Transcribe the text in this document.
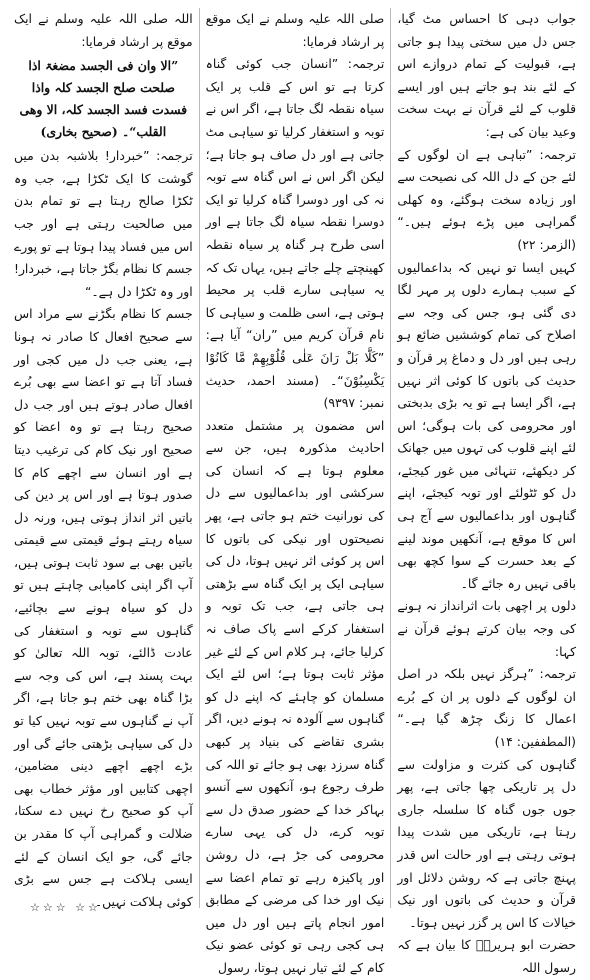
جواب دہی کا احساس مٹ گیا، جس دل میں سختی پیدا ہو جاتی ہے، قبولیت کے تمام دروازے اس کے لئے بند ہو جاتے ہیں اور ایسے قلوب کے لئے قرآن نے بہت سخت وعید بیان کی ہے:

ترجمہ: ”تباہی ہے ان لوگوں کے لئے جن کے دل اللہ کی نصیحت سے اور زیادہ سخت ہوگئے، وہ کھلی گمراہی میں پڑے ہوئے ہیں۔“ (الزمر: ۲۲)

کہیں ایسا تو نہیں کہ بداعمالیوں کے سبب ہمارے دلوں پر مہر لگا دی گئی ہو، جس کی وجہ سے اصلاح کی تمام کوششیں ضائع ہو رہی ہیں اور دل و دماغ پر قرآن و حدیث کی باتوں کا کوئی اثر نہیں ہے، اگر ایسا ہے تو یہ بڑی بدبختی اور محرومی کی بات ہوگی؛ اس لئے اپنے قلوب کی تہوں میں جھانک کر دیکھئے، تنہائی میں غور کیجئے، دل کو ٹٹولئے اور توبہ کیجئے، اپنے گناہوں اور بداعمالیوں سے آج ہی اس کا موقع ہے، آنکھیں موند لینے کے بعد حسرت کے سوا کچھ بھی باقی نہیں رہ جائے گا۔

دلوں پر اچھی بات اثرانداز نہ ہونے کی وجہ بیان کرتے ہوئے قرآن نے کہا:

ترجمہ: ”ہرگز نہیں بلکہ در اصل ان لوگوں کے دلوں پر ان کے بُرے اعمال کا زنگ چڑھ گیا ہے۔“ (المطففین: ۱۴)

گناہوں کی کثرت و مزاولت سے دل پر تاریکی چھا جاتی ہے، پھر جوں جوں گناہ کا سلسلہ جاری رہتا ہے، تاریکی میں شدت پیدا ہوتی رہتی ہے اور حالت اس قدر پہنچ جاتی ہے کہ روشن دلائل اور قرآن و حدیث کی باتوں اور نیک خیالات کا اس پر گزر نہیں ہوتا۔

حضرت ابو ہریرہؓ کا بیان ہے کہ رسول اللہ

صلی اللہ علیہ وسلم نے ایک موقع پر ارشاد فرمایا:

ترجمہ: ”انسان جب کوئی گناہ کرتا ہے تو اس کے قلب پر ایک سیاہ نقطہ لگ جاتا ہے، اگر اس نے توبہ و استغفار کرلیا تو سیاہی مٹ جاتی ہے اور دل صاف ہو جاتا ہے؛ لیکن اگر اس نے اس گناہ سے توبہ نہ کی اور دوسرا گناہ کرلیا تو ایک دوسرا نقطہ سیاہ لگ جاتا ہے اور اسی طرح ہر گناہ پر سیاہ نقطہ کھینچتے چلے جاتے ہیں، یہاں تک کہ یہ سیاہی سارے قلب پر محیط ہوتی ہے، اسی ظلمت و سیاہی کا نام قرآن کریم میں ”ران“ آیا ہے: ”كَلَّا بَلْ رَانَ عَلٰى قُلُوْبِهِمْ مَّا كَانُوْا يَكْسِبُوْنَ“۔ (مسند احمد، حدیث نمبر: ۹۳۹۷)

اس مضمون پر مشتمل متعدد احادیث مذکورہ ہیں، جن سے معلوم ہوتا ہے کہ انسان کی سرکشی اور بداعمالیوں سے دل کی نورانیت ختم ہو جاتی ہے، پھر نصیحتوں اور نیکی کی باتوں کا اس پر کوئی اثر نہیں ہوتا، دل کی سیاہی ایک پر ایک گناہ سے بڑھتی ہی جاتی ہے، جب تک توبہ و استغفار کرکے اسے پاک صاف نہ کرلیا جائے، ہر کلام اس کے لئے غیر مؤثر ثابت ہوتا ہے؛ اس لئے ایک مسلمان کو چاہئے کہ اپنے دل کو گناہوں سے آلودہ نہ ہونے دیں، اگر بشری تقاضے کی بنیاد پر کبھی گناہ سرزد بھی ہو جائے تو اللہ کی طرف رجوع ہو، آنکھوں سے آنسو بہاکر خدا کے حضور صدق دل سے توبہ کرے، دل کی یہی سارے محرومی کی جڑ ہے، دل روشن اور پاکیزہ رہے تو تمام اعضا سے نیک اور خدا کی مرضی کے مطابق امور انجام پاتے ہیں اور دل میں ہی کجی رہی تو کوئی عضو نیک کام کے لئے تیار نہیں ہوتا، رسول

اللہ صلی اللہ علیہ وسلم نے ایک موقع پر ارشاد فرمایا:

”الا وان فی الجسد مضغۃ اذا صلحت صلح الجسد کلہ واذا فسدت فسد الجسد کلہ، الا وھی القلب“۔ (صحیح بخاری)

ترجمہ: ”خبردار! بلاشبہ بدن میں گوشت کا ایک ٹکڑا ہے، جب وہ ٹکڑا صالح رہتا ہے تو تمام بدن میں صالحیت رہتی ہے اور جب اس میں فساد پیدا ہوتا ہے تو پورے جسم کا نظام بگڑ جاتا ہے، خبردار! اور وہ ٹکڑا دل ہے۔“

جسم کا نظام بگڑنے سے مراد اس سے صحیح افعال کا صادر نہ ہونا ہے، یعنی جب دل میں کجی اور فساد آتا ہے تو اعضا سے بھی بُرے افعال صادر ہوتے ہیں اور جب دل صحیح رہتا ہے تو وہ اعضا کو صحیح اور نیک کام کی ترغیب دیتا ہے اور انسان سے اچھے کام کا صدور ہوتا ہے اور اس پر دین کی باتیں اثر انداز ہوتی ہیں، ورنہ دل سیاہ رہتے ہوئے قیمتی سے قیمتی باتیں بھی بے سود ثابت ہوتی ہیں، آپ اگر اپنی کامیابی چاہتے ہیں تو دل کو سیاہ ہونے سے بچائیے، گناہوں سے توبہ و استغفار کی عادت ڈالئے، توبہ اللہ تعالیٰ کو بہت پسند ہے، اس کی وجہ سے بڑا گناہ بھی ختم ہو جاتا ہے، اگر آپ نے گناہوں سے توبہ نہیں کیا تو دل کی سیاہی بڑھتی جائے گی اور بڑے اچھے اچھے دینی مضامین، اچھی کتابیں اور مؤثر خطاب بھی آپ کو صحیح رخ نہیں دے سکتا، ضلالت و گمراہی آپ کا مقدر بن جائے گی، جو ایک انسان کے لئے ایسی ہلاکت ہے جس سے بڑی کوئی ہلاکت نہیں۔

☆☆☆ ☆☆
